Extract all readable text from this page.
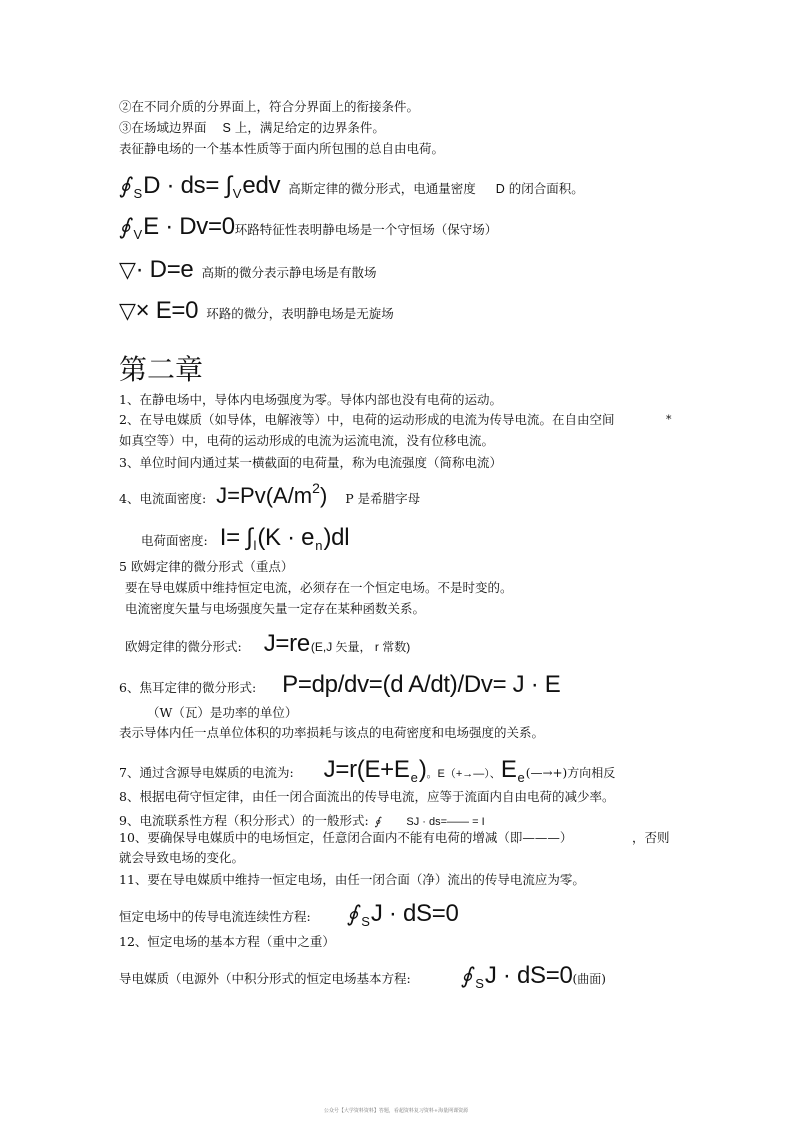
②在不同介质的分界面上，符合分界面上的衔接条件。
③在场域边界面 S 上，满足给定的边界条件。
表征静电场的一个基本性质等于面内所包围的总自由电荷。
∮ S D · ds= ∫ V edv 高斯定律的微分形式，电通量密度 D 的闭合面积。
∮ V E · Dv=0 环路特征性表明静电场是一个守恒场（保守场）
▽ · D=e 高斯的微分表示静电场是有散场
▽ × E=0 环路的微分，表明静电场是无旋场
第二章
1、在静电场中，导体内电场强度为零。导体内部也没有电荷的运动。
2、在导电媒质（如导体，电解液等）中，电荷的运动形成的电流为传导电流。在自由空间	*
如真空等）中，电荷的运动形成的电流为运流电流，没有位移电流。
3、单位时间内通过某一横截面的电荷量，称为电流强度（简称电流）
4、电流面密度: J=Pv(A/m 2 ) P 是希腊字母
电荷面密度: I= ∫ l (K · e n )dl
5 欧姆定律的微分形式（重点）
要在导电媒质中维持恒定电流，必须存在一个恒定电场。不是时变的。
电流密度矢量与电场强度矢量一定存在某种函数关系。
欧姆定律的微分形式: J=re (E,J 矢量， r 常数)
6、焦耳定律的微分形式: P=dp/dv=(d A/dt)/Dv= J · E
（W（瓦）是功率的单位）
表示导体内任一点单位体积的功率损耗与该点的电荷密度和电场强度的关系。
7、通过含源导电媒质的电流为: J=r(E+E e ) 。E（+→—）、 E e (—→+)方向相反
8、根据电荷守恒定律，由任一闭合面流出的传导电流，应等于流面内自由电荷的减少率。
9、电流联系性方程（积分形式）的一般形式: ∮ SJ · ds=—— = I
10、要确保导电媒质中的电场恒定，任意闭合面内不能有电荷的增减（即———）	，否则
就会导致电场的变化。
11、要在导电媒质中维持一恒定电场，由任一闭合面（净）流出的传导电流应为零。
恒定电场中的传导电流连续性方程: ∮ S J · dS=0
12、恒定电场的基本方程（重中之重）
导电媒质（电源外（中积分形式的恒定电场基本方程: ∮ S J · dS=0 (曲面)
公众号【大学资料资料】答题，看超资料复习资料+海量网课资源
